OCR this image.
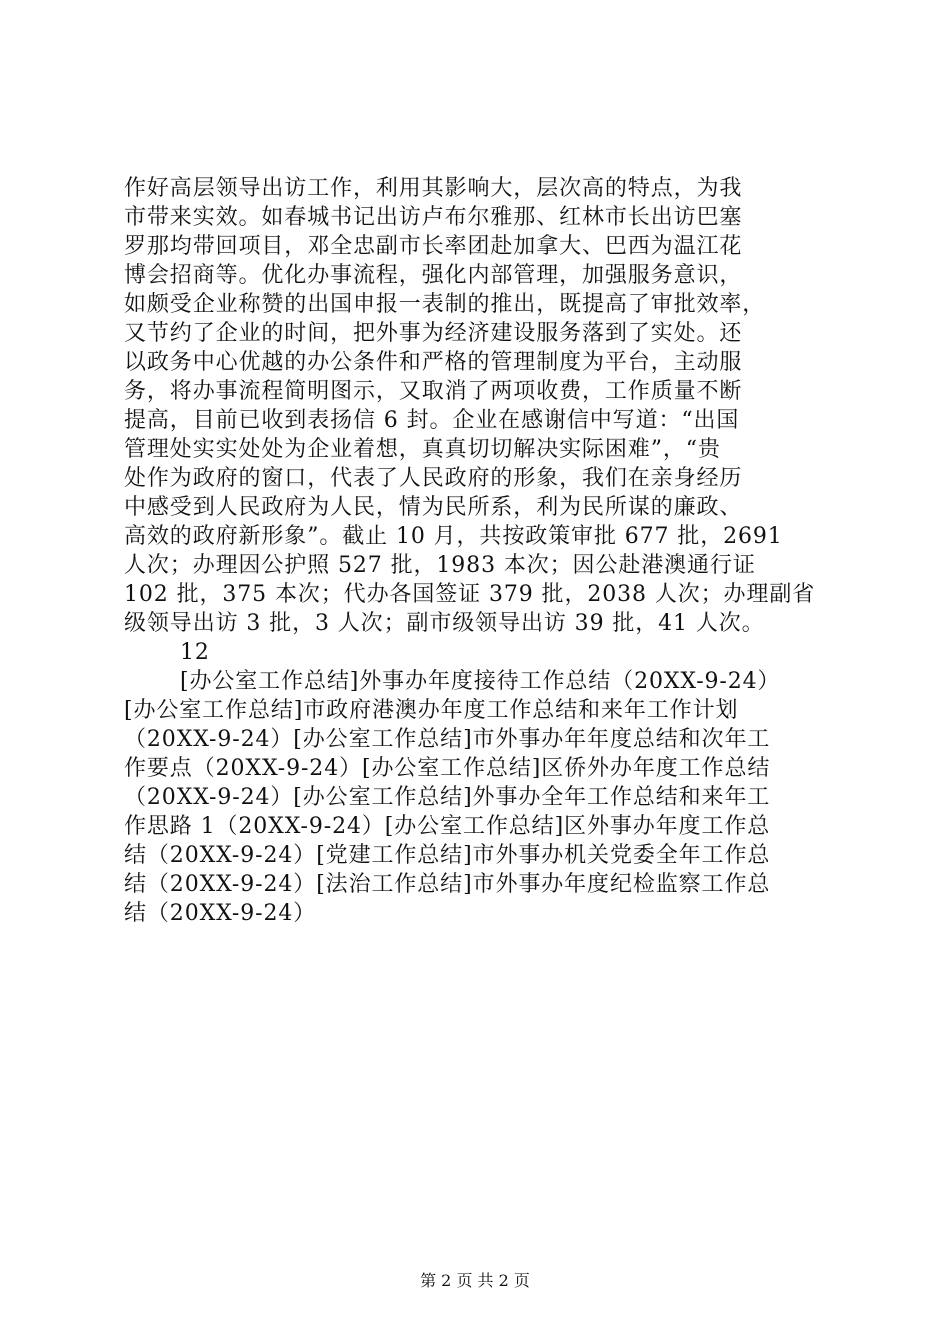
作好高层领导出访工作，利用其影响大，层次高的特点，为我
市带来实效。如春城书记出访卢布尔雅那、红林市长出访巴塞
罗那均带回项目，邓全忠副市长率团赴加拿大、巴西为温江花
博会招商等。优化办事流程，强化内部管理，加强服务意识，
如颇受企业称赞的出国申报一表制的推出，既提高了审批效率，
又节约了企业的时间，把外事为经济建设服务落到了实处。还
以政务中心优越的办公条件和严格的管理制度为平台，主动服
务，将办事流程简明图示，又取消了两项收费，工作质量不断
提高，目前已收到表扬信 6 封。企业在感谢信中写道：“出国
管理处实实处处为企业着想，真真切切解决实际困难”，“贵
处作为政府的窗口，代表了人民政府的形象，我们在亲身经历
中感受到人民政府为人民，情为民所系，利为民所谋的廉政、
高效的政府新形象”。截止 10 月，共按政策审批 677 批，2691
人次；办理因公护照 527 批，1983 本次；因公赴港澳通行证
102 批，375 本次；代办各国签证 379 批，2038 人次；办理副省
级领导出访 3 批，3 人次；副市级领导出访 39 批，41 人次。
12
[办公室工作总结]外事办年度接待工作总结（20XX-9-24）
[办公室工作总结]市政府港澳办年度工作总结和来年工作计划
（20XX-9-24）[办公室工作总结]市外事办年年度总结和次年工
作要点（20XX-9-24）[办公室工作总结]区侨外办年度工作总结
（20XX-9-24）[办公室工作总结]外事办全年工作总结和来年工
作思路 1（20XX-9-24）[办公室工作总结]区外事办年度工作总
结（20XX-9-24）[党建工作总结]市外事办机关党委全年工作总
结（20XX-9-24）[法治工作总结]市外事办年度纪检监察工作总
结（20XX-9-24）
第 2 页 共 2 页
